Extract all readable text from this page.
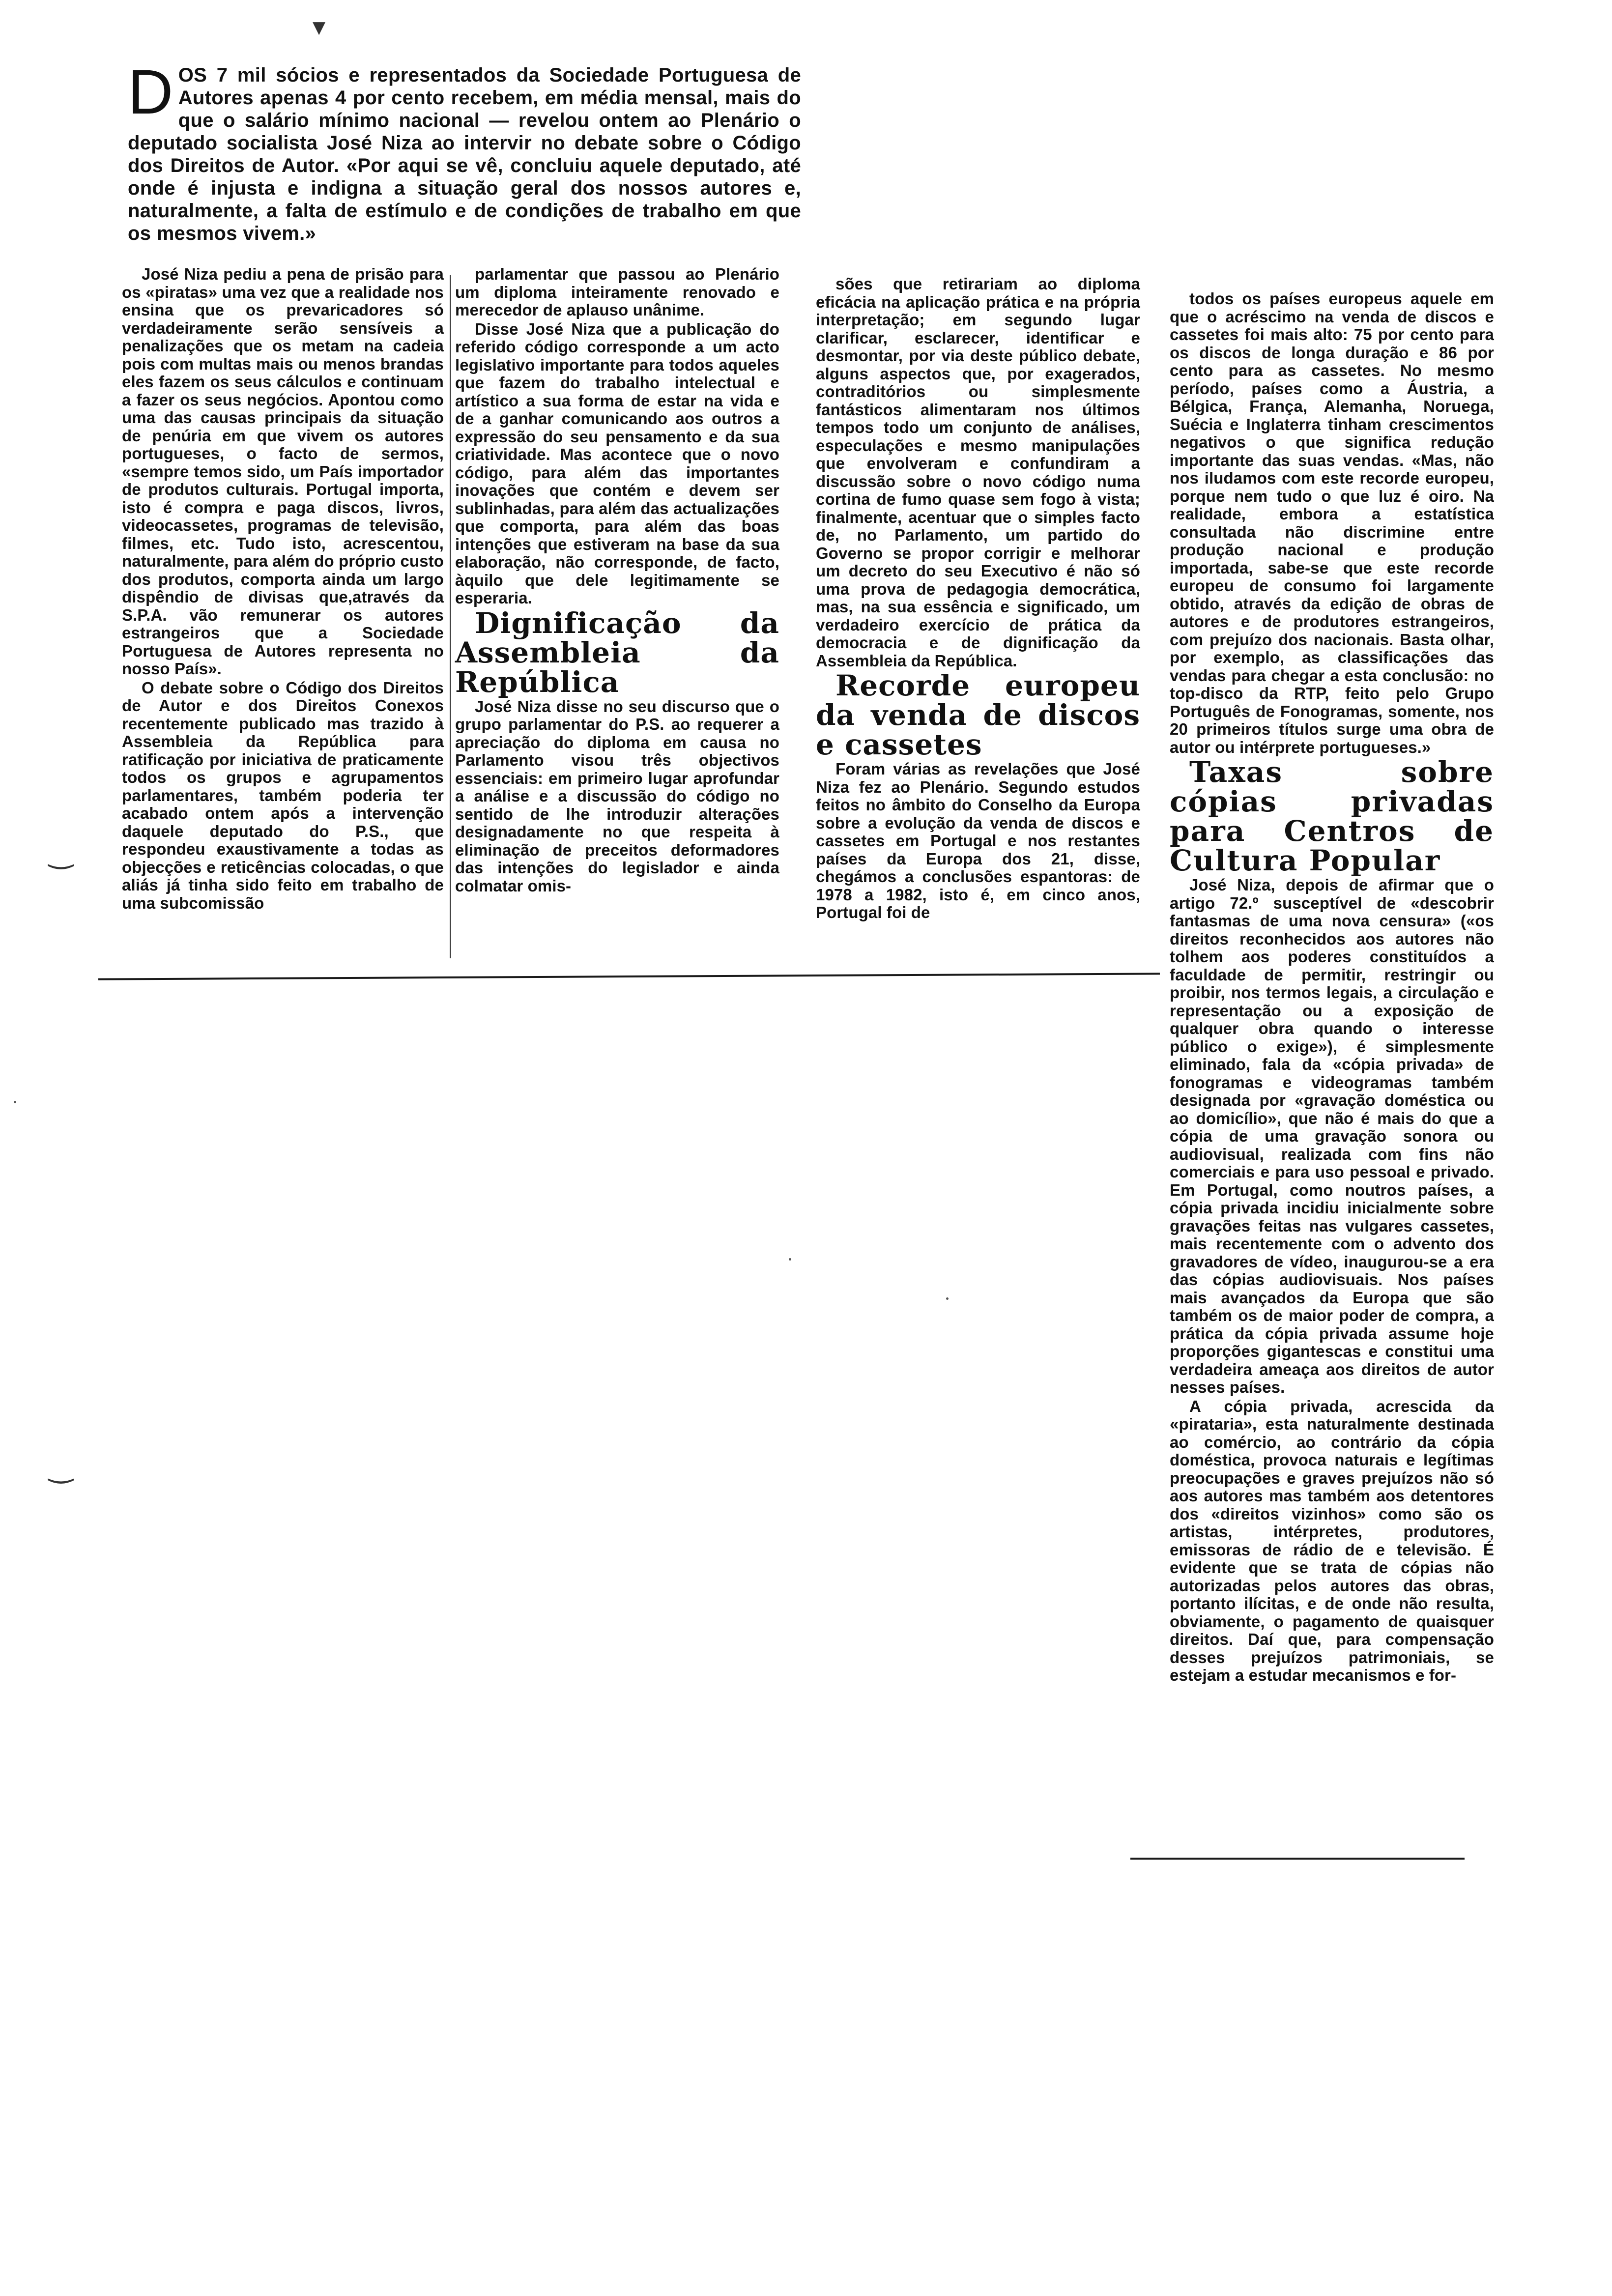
▼
D OS 7 mil sócios e representados da Sociedade Portuguesa de Autores apenas 4 por cento recebem, em média mensal, mais do que o salário mínimo nacional — revelou ontem ao Plenário o deputado socialista José Niza ao intervir no debate sobre o Código dos Direitos de Autor. «Por aqui se vê, concluiu aquele deputado, até onde é injusta e indigna a situação geral dos nossos autores e, naturalmente, a falta de estímulo e de condições de trabalho em que os mesmos vivem.»

José Niza pediu a pena de prisão para os «piratas» uma vez que a realidade nos ensina que os prevaricadores só verdadeiramente serão sensíveis a penalizações que os metam na cadeia pois com multas mais ou menos brandas eles fazem os seus cálculos e continuam a fazer os seus negócios. Apontou como uma das causas principais da situação de penúria em que vivem os autores portugueses, o facto de sermos, «sempre temos sido, um País importador de produtos culturais. Portugal importa, isto é compra e paga discos, livros, videocassetes, programas de televisão, filmes, etc. Tudo isto, acrescentou, naturalmente, para além do próprio custo dos produtos, comporta ainda um largo dispêndio de divisas que,através da S.P.A. vão remunerar os autores estrangeiros que a Sociedade Portuguesa de Autores representa no nosso País».

O debate sobre o Código dos Direitos de Autor e dos Direitos Conexos recentemente publicado mas trazido à Assembleia da República para ratificação por iniciativa de praticamente todos os grupos e agrupamentos parlamentares, também poderia ter acabado ontem após a intervenção daquele deputado do P.S., que respondeu exaustivamente a todas as objecções e reticências colocadas, o que aliás já tinha sido feito em trabalho de uma subcomissão

parlamentar que passou ao Plenário um diploma inteiramente renovado e merecedor de aplauso unânime.

Disse José Niza que a publicação do referido código corresponde a um acto legislativo importante para todos aqueles que fazem do trabalho intelectual e artístico a sua forma de estar na vida e de a ganhar comunicando aos outros a expressão do seu pensamento e da sua criatividade. Mas acontece que o novo código, para além das importantes inovações que contém e devem ser sublinhadas, para além das actualizações que comporta, para além das boas intenções que estiveram na base da sua elaboração, não corresponde, de facto, àquilo que dele legitimamente se esperaria.

Dignificação da Assembleia da República

José Niza disse no seu discurso que o grupo parlamentar do P.S. ao requerer a apreciação do diploma em causa no Parlamento visou três objectivos essenciais: em primeiro lugar aprofundar a análise e a discussão do código no sentido de lhe introduzir alterações designadamente no que respeita à eliminação de preceitos deformadores das intenções do legislador e ainda colmatar omis-

sões que retirariam ao diploma eficácia na aplicação prática e na própria interpretação; em segundo lugar clarificar, esclarecer, identificar e desmontar, por via deste público debate, alguns aspectos que, por exagerados, contraditórios ou simplesmente fantásticos alimentaram nos últimos tempos todo um conjunto de análises, especulações e mesmo manipulações que envolveram e confundiram a discussão sobre o novo código numa cortina de fumo quase sem fogo à vista; finalmente, acentuar que o simples facto de, no Parlamento, um partido do Governo se propor corrigir e melhorar um decreto do seu Executivo é não só uma prova de pedagogia democrática, mas, na sua essência e significado, um verdadeiro exercício de prática da democracia e de dignificação da Assembleia da República.

Recorde europeu da venda de discos e cassetes

Foram várias as revelações que José Niza fez ao Plenário. Segundo estudos feitos no âmbito do Conselho da Europa sobre a evolução da venda de discos e cassetes em Portugal e nos restantes países da Europa dos 21, disse, chegámos a conclusões espantoras: de 1978 a 1982, isto é, em cinco anos, Portugal foi de

todos os países europeus aquele em que o acréscimo na venda de discos e cassetes foi mais alto: 75 por cento para os discos de longa duração e 86 por cento para as cassetes. No mesmo período, países como a Áustria, a Bélgica, França, Alemanha, Noruega, Suécia e Inglaterra tinham crescimentos negativos o que significa redução importante das suas vendas. «Mas, não nos iludamos com este recorde europeu, porque nem tudo o que luz é oiro. Na realidade, embora a estatística consultada não discrimine entre produção nacional e produção importada, sabe-se que este recorde europeu de consumo foi largamente obtido, através da edição de obras de autores e de produtores estrangeiros, com prejuízo dos nacionais. Basta olhar, por exemplo, as classificações das vendas para chegar a esta conclusão: no top-disco da RTP, feito pelo Grupo Português de Fonogramas, somente, nos 20 primeiros títulos surge uma obra de autor ou intérprete portugueses.»

Taxas sobre cópias privadas para Centros de Cultura Popular

José Niza, depois de afirmar que o artigo 72.º susceptível de «descobrir fantasmas de uma nova censura» («os direitos reconhecidos aos autores não tolhem aos poderes constituídos a faculdade de permitir, restringir ou proibir, nos termos legais, a circulação e representação ou a exposição de qualquer obra quando o interesse público o exige»), é simplesmente eliminado, fala da «cópia privada» de fonogramas e videogramas também designada por «gravação doméstica ou ao domicílio», que não é mais do que a cópia de uma gravação sonora ou audiovisual, realizada com fins não comerciais e para uso pessoal e privado. Em Portugal, como noutros países, a cópia privada incidiu inicialmente sobre gravações feitas nas vulgares cassetes, mais recentemente com o advento dos gravadores de vídeo, inaugurou-se a era das cópias audiovisuais. Nos países mais avançados da Europa que são também os de maior poder de compra, a prática da cópia privada assume hoje proporções gigantescas e constitui uma verdadeira ameaça aos direitos de autor nesses países.

A cópia privada, acrescida da «pirataria», esta naturalmente destinada ao comércio, ao contrário da cópia doméstica, provoca naturais e legítimas preocupações e graves prejuízos não só aos autores mas também aos detentores dos «direitos vizinhos» como são os artistas, intérpretes, produtores, emissoras de rádio de e televisão. É evidente que se trata de cópias não autorizadas pelos autores das obras, portanto ilícitas, e de onde não resulta, obviamente, o pagamento de quaisquer direitos. Daí que, para compensação desses prejuízos patrimoniais, se estejam a estudar mecanismos e for-

‿
‿
